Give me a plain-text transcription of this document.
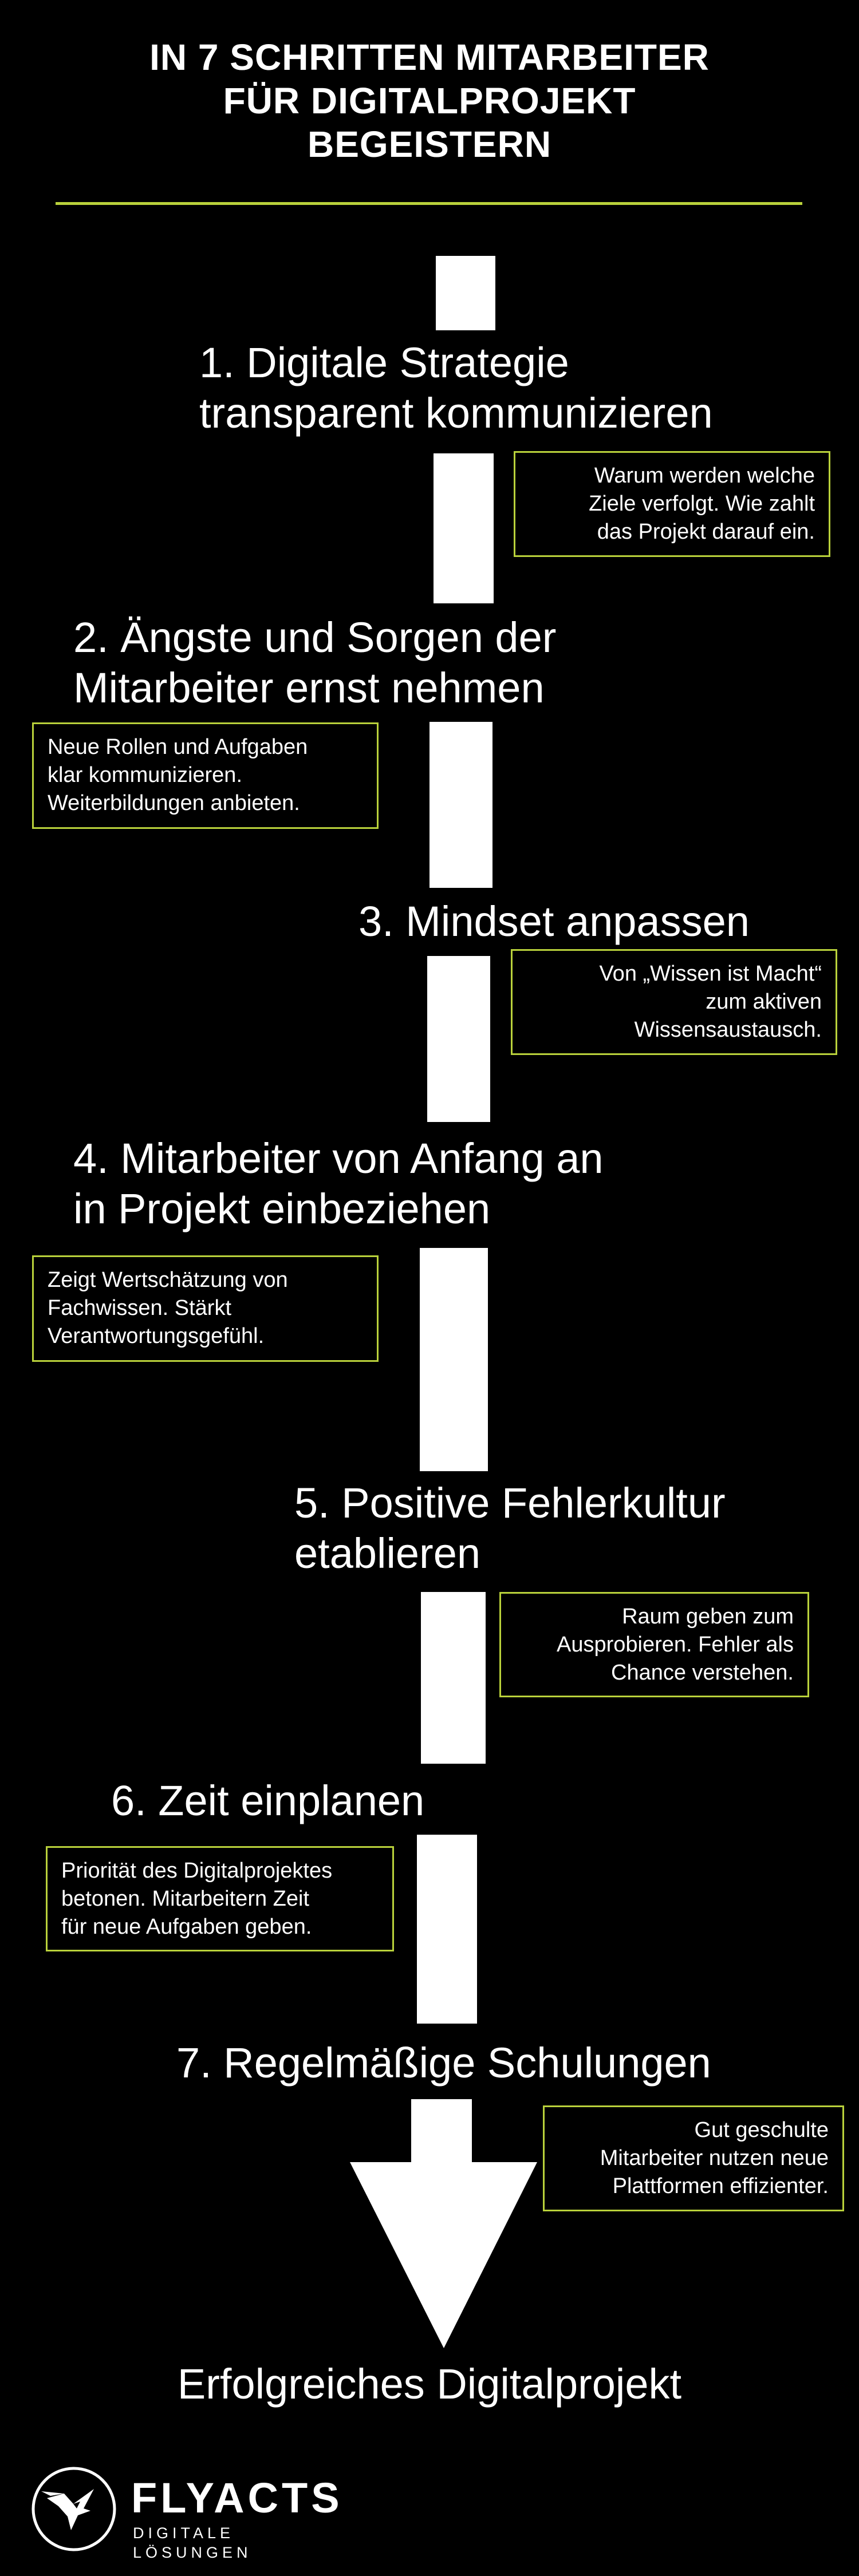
IN 7 SCHRITTEN MITARBEITER
FÜR DIGITALPROJEKT
BEGEISTERN
1. Digitale Strategie
transparent kommunizieren
Warum werden welche
Ziele verfolgt. Wie zahlt
das Projekt darauf ein.
2. Ängste und Sorgen der
Mitarbeiter ernst nehmen
Neue Rollen und Aufgaben
klar kommunizieren.
Weiterbildungen anbieten.
3. Mindset anpassen
Von „Wissen ist Macht“
zum aktiven
Wissensaustausch.
4. Mitarbeiter von Anfang an
in Projekt einbeziehen
Zeigt Wertschätzung von
Fachwissen. Stärkt
Verantwortungsgefühl.
5. Positive Fehlerkultur
etablieren
Raum geben zum
Ausprobieren. Fehler als
Chance verstehen.
6. Zeit einplanen
Priorität des Digitalprojektes
betonen. Mitarbeitern Zeit
für neue Aufgaben geben.
7. Regelmäßige Schulungen
Gut geschulte
Mitarbeiter nutzen neue
Plattformen effizienter.
Erfolgreiches Digitalprojekt
FLYACTS
DIGITALE LÖSUNGEN
